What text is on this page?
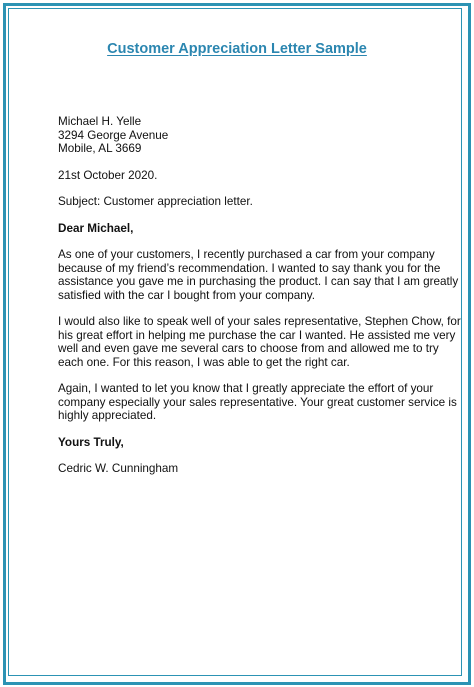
Customer Appreciation Letter Sample
Michael H. Yelle
3294 George Avenue
Mobile, AL 3669
21st October 2020.
Subject: Customer appreciation letter.
Dear Michael,
As one of your customers, I recently purchased a car from your company
because of my friend’s recommendation. I wanted to say thank you for the
assistance you gave me in purchasing the product. I can say that I am greatly
satisfied with the car I bought from your company.
I would also like to speak well of your sales representative, Stephen Chow, for
his great effort in helping me purchase the car I wanted. He assisted me very
well and even gave me several cars to choose from and allowed me to try
each one. For this reason, I was able to get the right car.
Again, I wanted to let you know that I greatly appreciate the effort of your
company especially your sales representative. Your great customer service is
highly appreciated.
Yours Truly,
Cedric W. Cunningham
